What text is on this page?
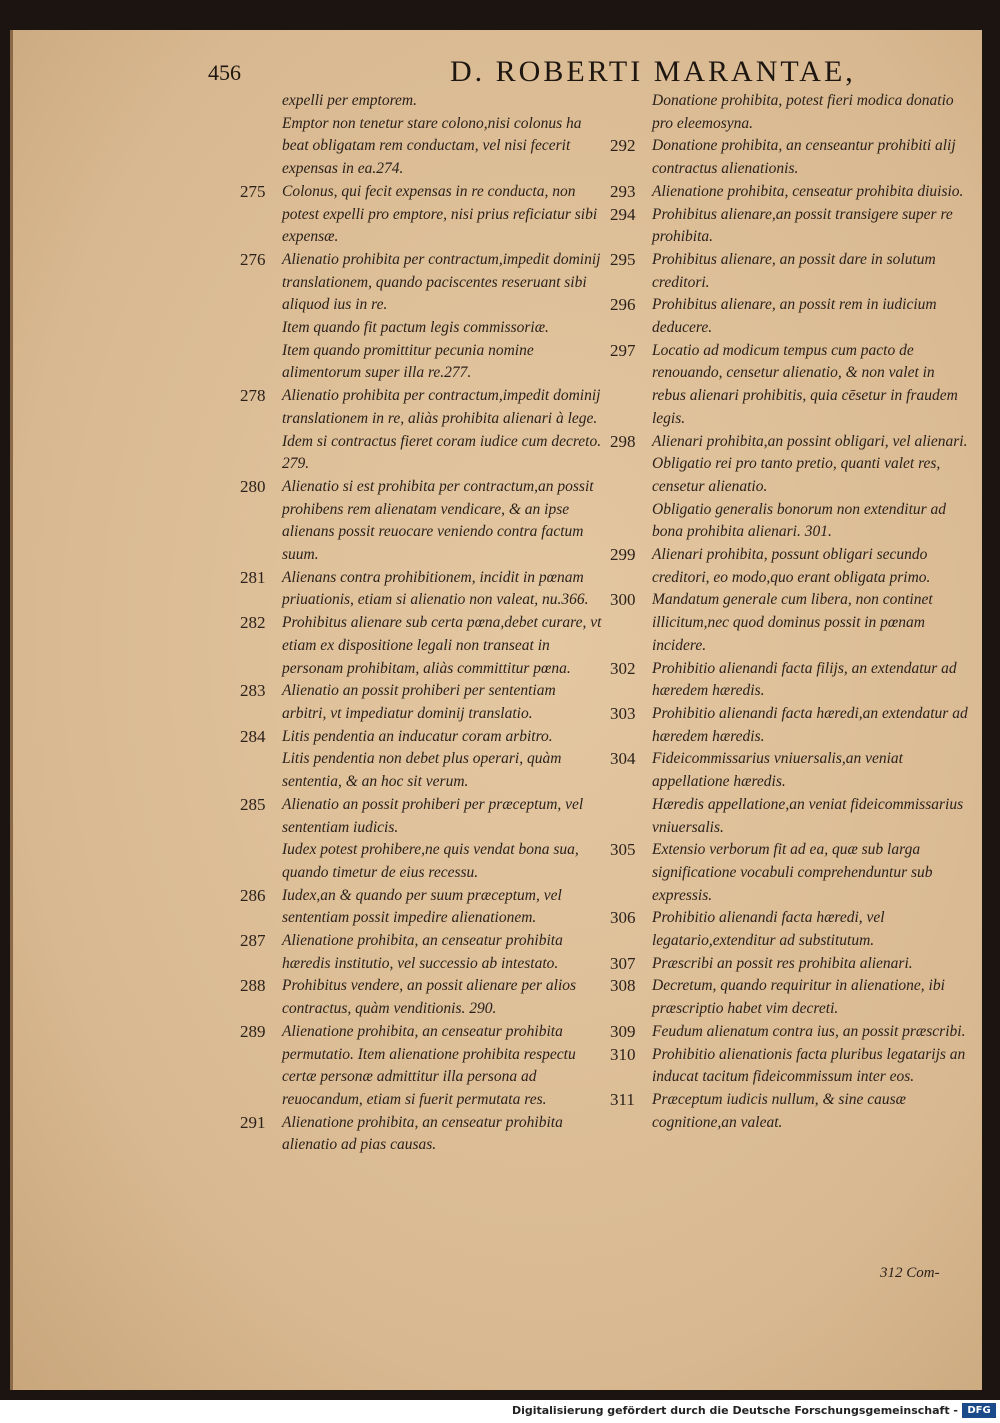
456	D. ROBERTI MARANTAE,
expelli per emptorem.
Emptor non tenetur stare colono,nisi colonus ha beat obligatam rem conductam, vel nisi fecerit expensas in ea.274.
275 Colonus, qui fecit expensas in re conducta, non potest expelli pro emptore, nisi prius reficiatur sibi expensæ.
276 Alienatio prohibita per contractum,impedit dominij translationem, quando paciscentes reseruant sibi aliquod ius in re.
Item quando fit pactum legis commissoriæ.
Item quando promittitur pecunia nomine alimentorum super illa re.277.
278 Alienatio prohibita per contractum,impedit dominij translationem in re, aliàs prohibita alienari à lege. Idem si contractus fieret coram iudice cum decreto. 279.
280 Alienatio si est prohibita per contractum,an possit prohibens rem alienatam vendicare, & an ipse alienans possit reuocare veniendo contra factum suum.
281 Alienans contra prohibitionem, incidit in pœnam priuationis, etiam si alienatio non valeat, nu.366.
282 Prohibitus alienare sub certa pœna,debet curare, vt etiam ex dispositione legali non transeat in personam prohibitam, aliàs committitur pœna.
283 Alienatio an possit prohiberi per sententiam arbitri, vt impediatur dominij translatio.
284 Litis pendentia an inducatur coram arbitro.
Litis pendentia non debet plus operari, quàm sententia, & an hoc sit verum.
285 Alienatio an possit prohiberi per præceptum, vel sententiam iudicis.
Iudex potest prohibere,ne quis vendat bona sua, quando timetur de eius recessu.
286 Iudex,an & quando per suum præceptum, vel sententiam possit impedire alienationem.
287 Alienatione prohibita, an censeatur prohibita hæredis institutio, vel successio ab intestato.
288 Prohibitus vendere, an possit alienare per alios contractus, quàm venditionis. 290.
289 Alienatione prohibita, an censeatur prohibita permutatio. Item alienatione prohibita respectu certæ personæ admittitur illa persona ad reuocandum, etiam si fuerit permutata res.
291 Alienatione prohibita, an censeatur prohibita alienatio ad pias causas.
Donatione prohibita, potest fieri modica donatio pro eleemosyna.
292 Donatione prohibita, an censeantur prohibiti alij contractus alienationis.
293 Alienatione prohibita, censeatur prohibita diuisio.
294 Prohibitus alienare,an possit transigere super re prohibita.
295 Prohibitus alienare, an possit dare in solutum creditori.
296 Prohibitus alienare, an possit rem in iudicium deducere.
297 Locatio ad modicum tempus cum pacto de renouando, censetur alienatio, & non valet in rebus alienari prohibitis, quia cēsetur in fraudem legis.
298 Alienari prohibita,an possint obligari, vel alienari.
Obligatio rei pro tanto pretio, quanti valet res, censetur alienatio.
Obligatio generalis bonorum non extenditur ad bona prohibita alienari. 301.
299 Alienari prohibita, possunt obligari secundo creditori, eo modo,quo erant obligata primo.
300 Mandatum generale cum libera, non continet illicitum,nec quod dominus possit in pœnam incidere.
302 Prohibitio alienandi facta filijs, an extendatur ad hæredem hæredis.
303 Prohibitio alienandi facta hæredi,an extendatur ad hæredem hæredis.
304 Fideicommissarius vniuersalis,an veniat appellatione hæredis.
Hæredis appellatione,an veniat fideicommissarius vniuersalis.
305 Extensio verborum fit ad ea, quæ sub larga significatione vocabuli comprehenduntur sub expressis.
306 Prohibitio alienandi facta hæredi, vel legatario,extenditur ad substitutum.
307 Præscribi an possit res prohibita alienari.
308 Decretum, quando requiritur in alienatione, ibi præscriptio habet vim decreti.
309 Feudum alienatum contra ius, an possit præscribi.
310 Prohibitio alienationis facta pluribus legatarijs an inducat tacitum fideicommissum inter eos.
311 Præceptum iudicis nullum, & sine causæ cognitione,an valeat.
312 Com-
Digitalisierung gefördert durch die Deutsche Forschungsgemeinschaft - DFG
